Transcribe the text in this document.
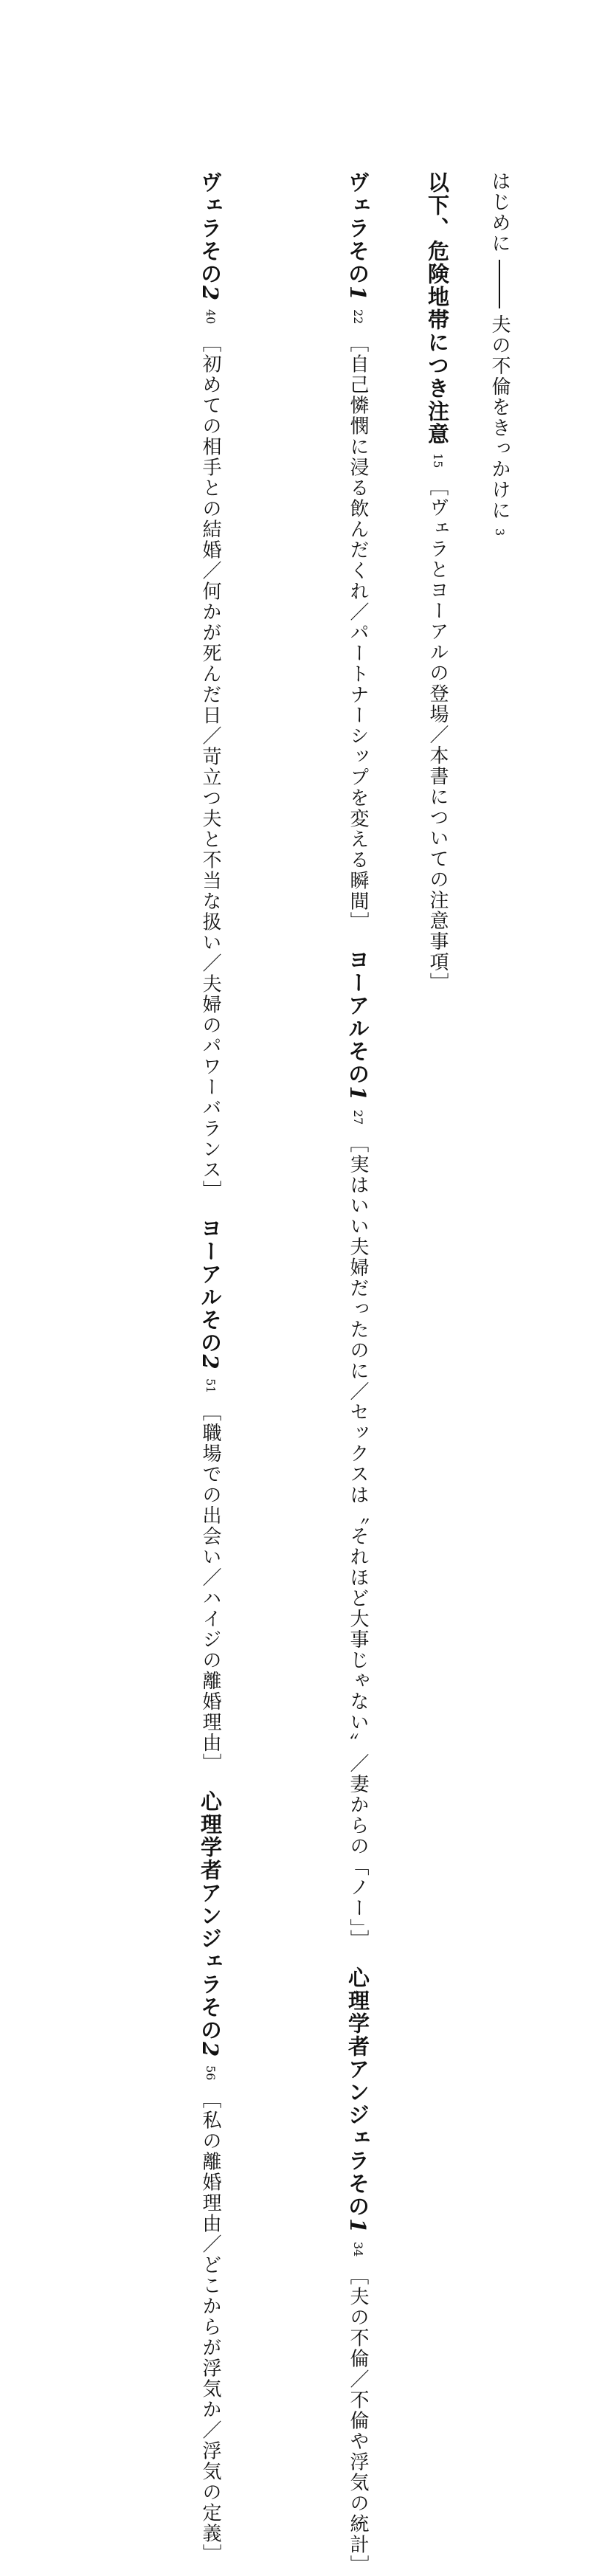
はじめに夫の不倫をきっかけに3
以下、危険地帯につき注意15［ヴェラとヨーアルの登場／本書についての注意事項］
ヴェラその122［自己憐憫に浸る飲んだくれ／パートナーシップを変える瞬間］ヨーアルその127［実はいい夫婦だったのに／セックスは〝それほど大事じゃない〟／妻からの「ノー」］心理学者アンジェラその134［夫の不倫／不倫や浮気の統計］
ヴェラその240［初めての相手との結婚／何かが死んだ日／苛立つ夫と不当な扱い／夫婦のパワーバランス］ヨーアルその251［職場での出会い／ハイジの離婚理由］心理学者アンジェラその256［私の離婚理由／どこからが浮気か／浮気の定義］
